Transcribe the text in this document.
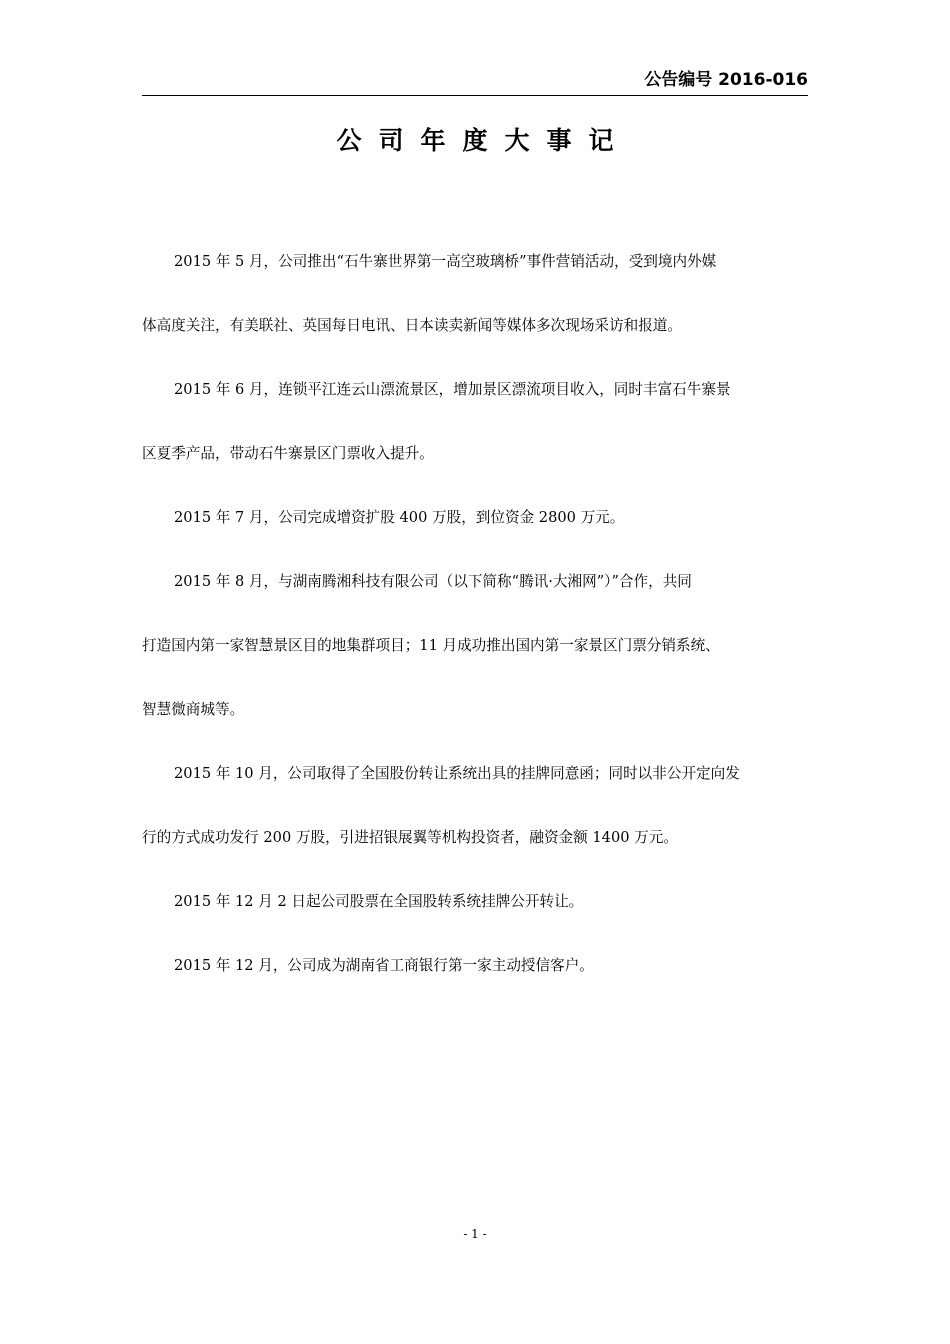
公告编号 2016-016
公司年度大事记

2015 年 5 月，公司推出“石牛寨世界第一高空玻璃桥”事件营销活动，受到境内外媒
体高度关注，有美联社、英国每日电讯、日本读卖新闻等媒体多次现场采访和报道。

2015 年 6 月，连锁平江连云山漂流景区，增加景区漂流项目收入，同时丰富石牛寨景
区夏季产品，带动石牛寨景区门票收入提升。

2015 年 7 月，公司完成增资扩股 400 万股，到位资金 2800 万元。

2015 年 8 月，与湖南腾湘科技有限公司（以下简称“腾讯·大湘网”）”合作，共同
打造国内第一家智慧景区目的地集群项目；11 月成功推出国内第一家景区门票分销系统、
智慧微商城等。

2015 年 10 月，公司取得了全国股份转让系统出具的挂牌同意函；同时以非公开定向发
行的方式成功发行 200 万股，引进招银展翼等机构投资者，融资金额 1400 万元。

2015 年 12 月 2 日起公司股票在全国股转系统挂牌公开转让。

2015 年 12 月，公司成为湖南省工商银行第一家主动授信客户。

- 1 -
